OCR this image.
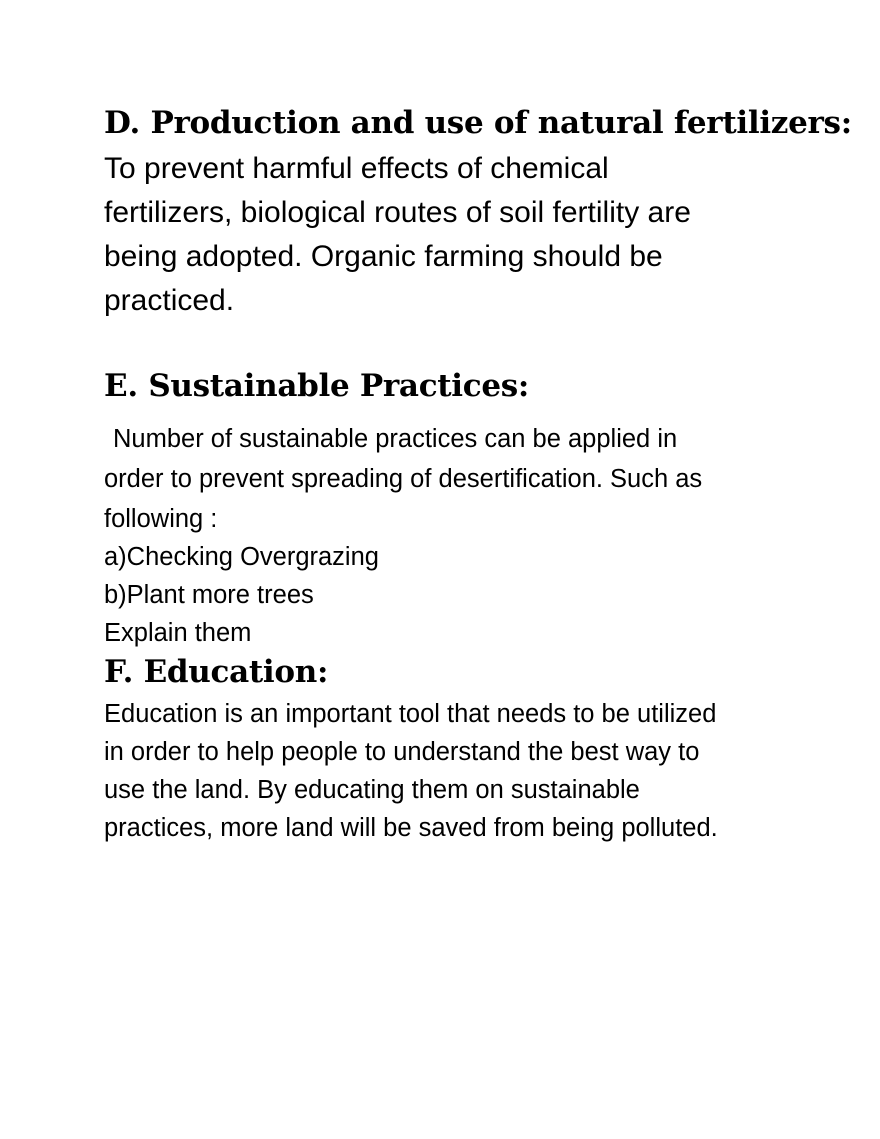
D. Production and use of natural fertilizers:
To prevent harmful effects of chemical
fertilizers, biological routes of soil fertility are
being adopted. Organic farming should be
practiced.
E. Sustainable Practices:
Number of sustainable practices can be applied in
order to prevent spreading of desertification. Such as
following :
a)Checking Overgrazing
b)Plant more trees
Explain them
F. Education:
Education is an important tool that needs to be utilized
in order to help people to understand the best way to
use the land. By educating them on sustainable
practices, more land will be saved from being polluted.
